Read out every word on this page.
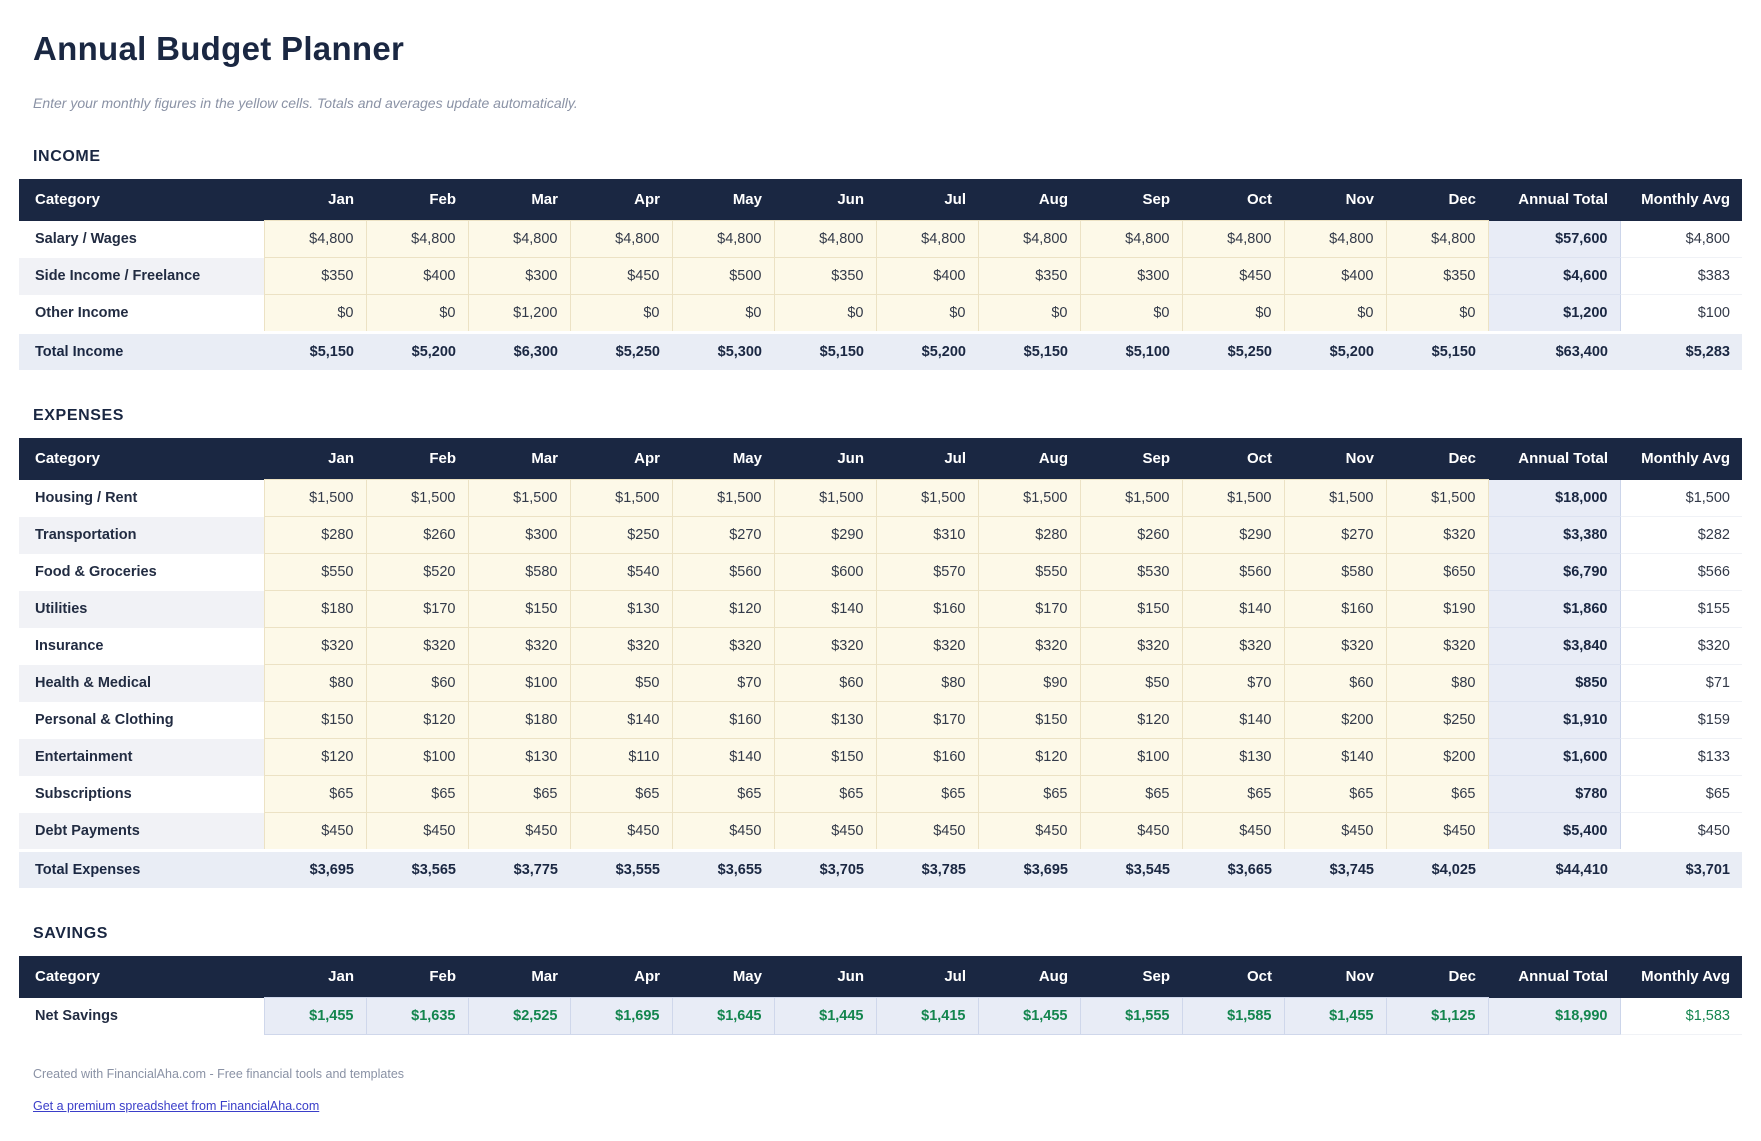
Annual Budget Planner

Enter your monthly figures in the yellow cells. Totals and averages update automatically.

INCOME
Category	Jan	Feb	Mar	Apr	May	Jun	Jul	Aug	Sep	Oct	Nov	Dec	Annual Total	Monthly Avg
Salary / Wages	$4,800	$4,800	$4,800	$4,800	$4,800	$4,800	$4,800	$4,800	$4,800	$4,800	$4,800	$4,800	$57,600	$4,800
Side Income / Freelance	$350	$400	$300	$450	$500	$350	$400	$350	$300	$450	$400	$350	$4,600	$383
Other Income	$0	$0	$1,200	$0	$0	$0	$0	$0	$0	$0	$0	$0	$1,200	$100
Total Income	$5,150	$5,200	$6,300	$5,250	$5,300	$5,150	$5,200	$5,150	$5,100	$5,250	$5,200	$5,150	$63,400	$5,283
EXPENSES
Category	Jan	Feb	Mar	Apr	May	Jun	Jul	Aug	Sep	Oct	Nov	Dec	Annual Total	Monthly Avg
Housing / Rent	$1,500	$1,500	$1,500	$1,500	$1,500	$1,500	$1,500	$1,500	$1,500	$1,500	$1,500	$1,500	$18,000	$1,500
Transportation	$280	$260	$300	$250	$270	$290	$310	$280	$260	$290	$270	$320	$3,380	$282
Food & Groceries	$550	$520	$580	$540	$560	$600	$570	$550	$530	$560	$580	$650	$6,790	$566
Utilities	$180	$170	$150	$130	$120	$140	$160	$170	$150	$140	$160	$190	$1,860	$155
Insurance	$320	$320	$320	$320	$320	$320	$320	$320	$320	$320	$320	$320	$3,840	$320
Health & Medical	$80	$60	$100	$50	$70	$60	$80	$90	$50	$70	$60	$80	$850	$71
Personal & Clothing	$150	$120	$180	$140	$160	$130	$170	$150	$120	$140	$200	$250	$1,910	$159
Entertainment	$120	$100	$130	$110	$140	$150	$160	$120	$100	$130	$140	$200	$1,600	$133
Subscriptions	$65	$65	$65	$65	$65	$65	$65	$65	$65	$65	$65	$65	$780	$65
Debt Payments	$450	$450	$450	$450	$450	$450	$450	$450	$450	$450	$450	$450	$5,400	$450
Total Expenses	$3,695	$3,565	$3,775	$3,555	$3,655	$3,705	$3,785	$3,695	$3,545	$3,665	$3,745	$4,025	$44,410	$3,701
SAVINGS
Category	Jan	Feb	Mar	Apr	May	Jun	Jul	Aug	Sep	Oct	Nov	Dec	Annual Total	Monthly Avg
Net Savings	$1,455	$1,635	$2,525	$1,695	$1,645	$1,445	$1,415	$1,455	$1,555	$1,585	$1,455	$1,125	$18,990	$1,583

Created with FinancialAha.com - Free financial tools and templates

Get a premium spreadsheet from FinancialAha.com
